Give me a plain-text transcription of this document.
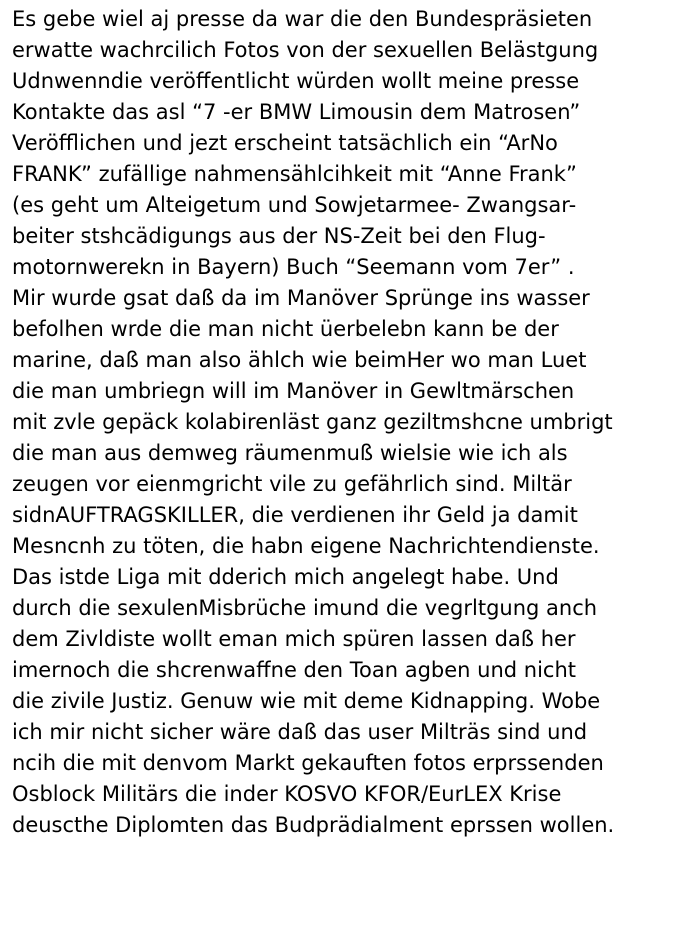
Es gebe wiel aj presse da war die den Bundespräsieten
erwatte wachrcilich Fotos von der sexuellen Belästgung
Udnwenndie veröffentlicht würden wollt meine presse
Kontakte das asl “7 -er BMW Limousin dem Matrosen”
Veröfflichen und jezt erscheint tatsächlich ein “ArNo
FRANK” zufällige nahmensählcihkeit mit “Anne Frank”
(es geht um Alteigetum und Sowjetarmee- Zwangsar-
beiter stshcädigungs aus der NS-Zeit bei den Flug-
motornwerekn in Bayern) Buch “Seemann vom 7er” .
Mir wurde gsat daß da im Manöver Sprünge ins wasser
befolhen wrde die man nicht üerbelebn kann be der
marine, daß man also ählch wie beimHer wo man Luet
die man umbriegn will im Manöver in Gewltmärschen
mit zvle gepäck kolabirenläst ganz geziltmshcne umbrigt
die man aus demweg räumenmuß wielsie wie ich als
zeugen vor eienmgricht vile zu gefährlich sind. Miltär
sidnAUFTRAGSKILLER, die verdienen ihr Geld ja damit
Mesncnh zu töten, die habn eigene Nachrichtendienste.
Das istde Liga mit dderich mich angelegt habe. Und
durch die sexulenMisbrüche imund die vegrltgung anch
dem Zivldiste wollt eman mich spüren lassen daß her
imernoch die shcrenwaffne den Toan agben und nicht
die zivile Justiz. Genuw wie mit deme Kidnapping. Wobe
ich mir nicht sicher wäre daß das user Milträs sind und
ncih die mit denvom Markt gekauften fotos erprssenden
Osblock Militärs die inder KOSVO KFOR/EurLEX Krise
deuscthe Diplomten das Budprädialment eprssen wollen.
